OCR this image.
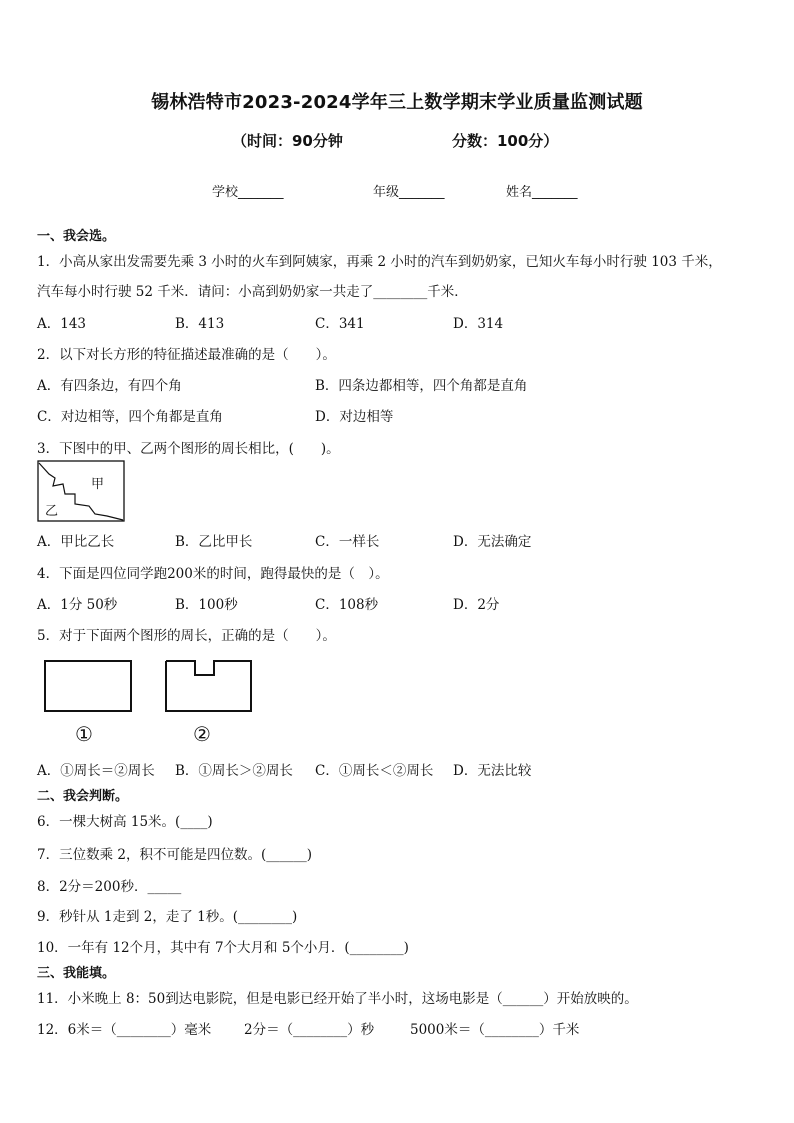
锡林浩特市2023-2024学年三上数学期末学业质量监测试题
（时间：90分钟	分数：100分）
学校_______	年级_______	姓名_______
一、我会选。
1．小高从家出发需要先乘 3 小时的火车到阿姨家，再乘 2 小时的汽车到奶奶家，已知火车每小时行驶 103 千米，
汽车每小时行驶 52 千米．请问：小高到奶奶家一共走了________千米．
A．143	B．413	C．341	D．314
2．以下对长方形的特征描述最准确的是（　　）。
A．有四条边，有四个角	B．四条边都相等，四个角都是直角
C．对边相等，四个角都是直角	D．对边相等
3．下图中的甲、乙两个图形的周长相比，(　　)。
甲
乙
A．甲比乙长	B．乙比甲长	C．一样长	D．无法确定
4．下面是四位同学跑200米的时间，跑得最快的是（　）。
A．1分 50秒	B．100秒	C．108秒	D．2分
5．对于下面两个图形的周长，正确的是（　　）。
①	②
A．①周长＝②周长 B．①周长＞②周长 C．①周长＜②周长 D．无法比较
二、我会判断。
6．一棵大树高 15米。(____)
7．三位数乘 2，积不可能是四位数。(______)
8．2分＝200秒．_____
9．秒针从 1走到 2，走了 1秒。(________)
10．一年有 12个月，其中有 7个大月和 5个小月．(________)
三、我能填。
11．小米晚上 8：50到达电影院，但是电影已经开始了半小时，这场电影是（______）开始放映的。
12．6米＝（________）毫米 2分＝（________）秒	5000米＝（________）千米
